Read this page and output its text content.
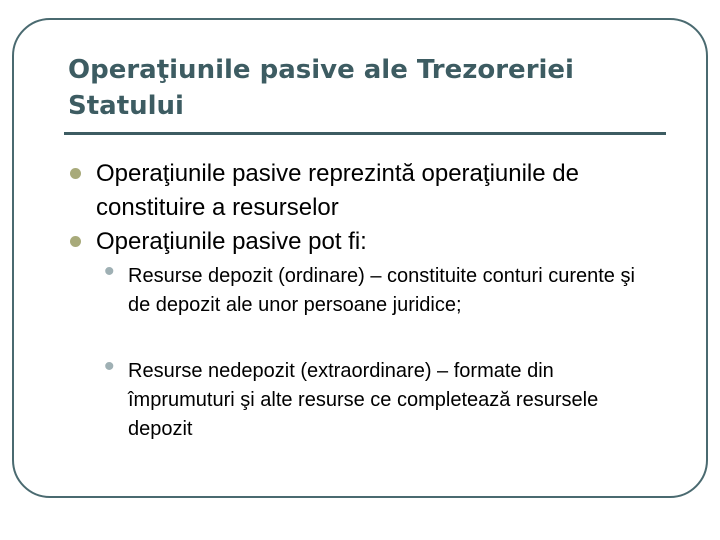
Operaţiunile pasive ale Trezoreriei Statului
Operaţiunile pasive reprezintă operaţiunile de constituire a resurselor
Operaţiunile pasive pot fi:
• Resurse depozit (ordinare) – constituite conturi curente şi de depozit ale unor persoane juridice;
• Resurse nedepozit (extraordinare) – formate din împrumuturi şi alte resurse ce completează resursele depozit
